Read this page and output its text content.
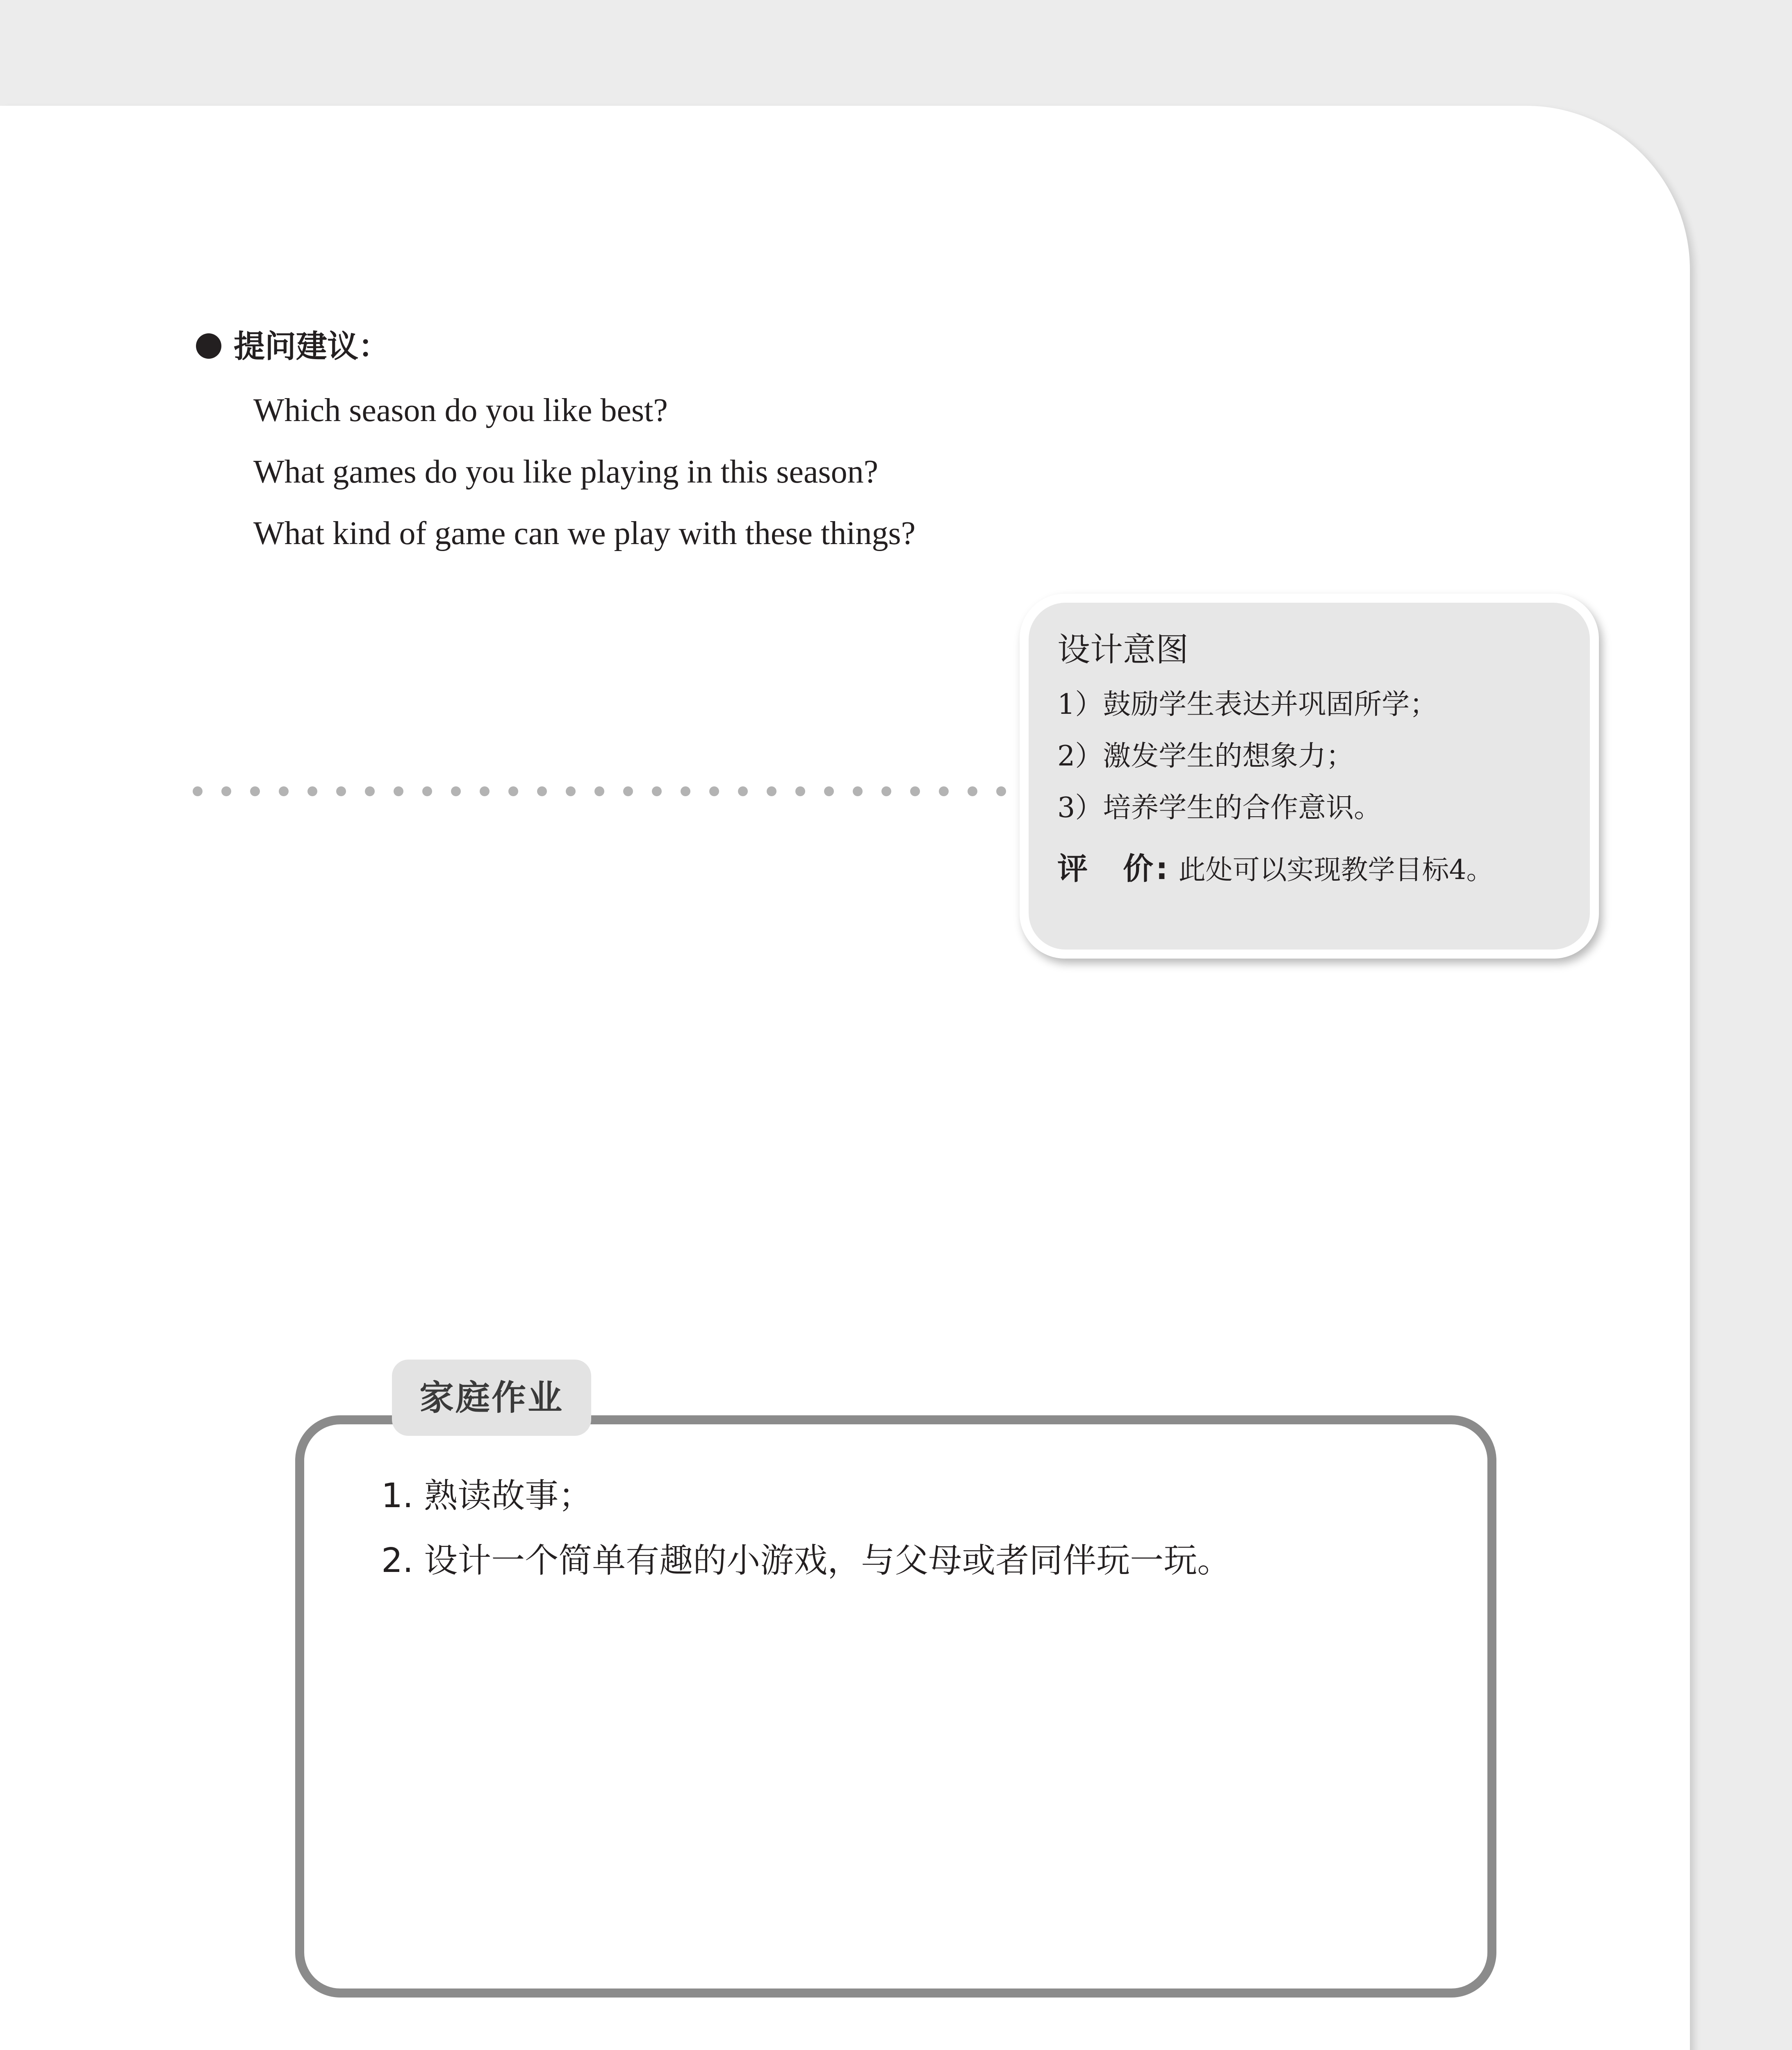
提问建议：
Which season do you like best?
What games do you like playing in this season?
What kind of game can we play with these things?
设计意图
1）鼓励学生表达并巩固所学；
2）激发学生的想象力；
3）培养学生的合作意识。
评　价: 此处可以实现教学目标4。
家庭作业
1. 熟读故事；
2. 设计一个简单有趣的小游戏，与父母或者同伴玩一玩。
